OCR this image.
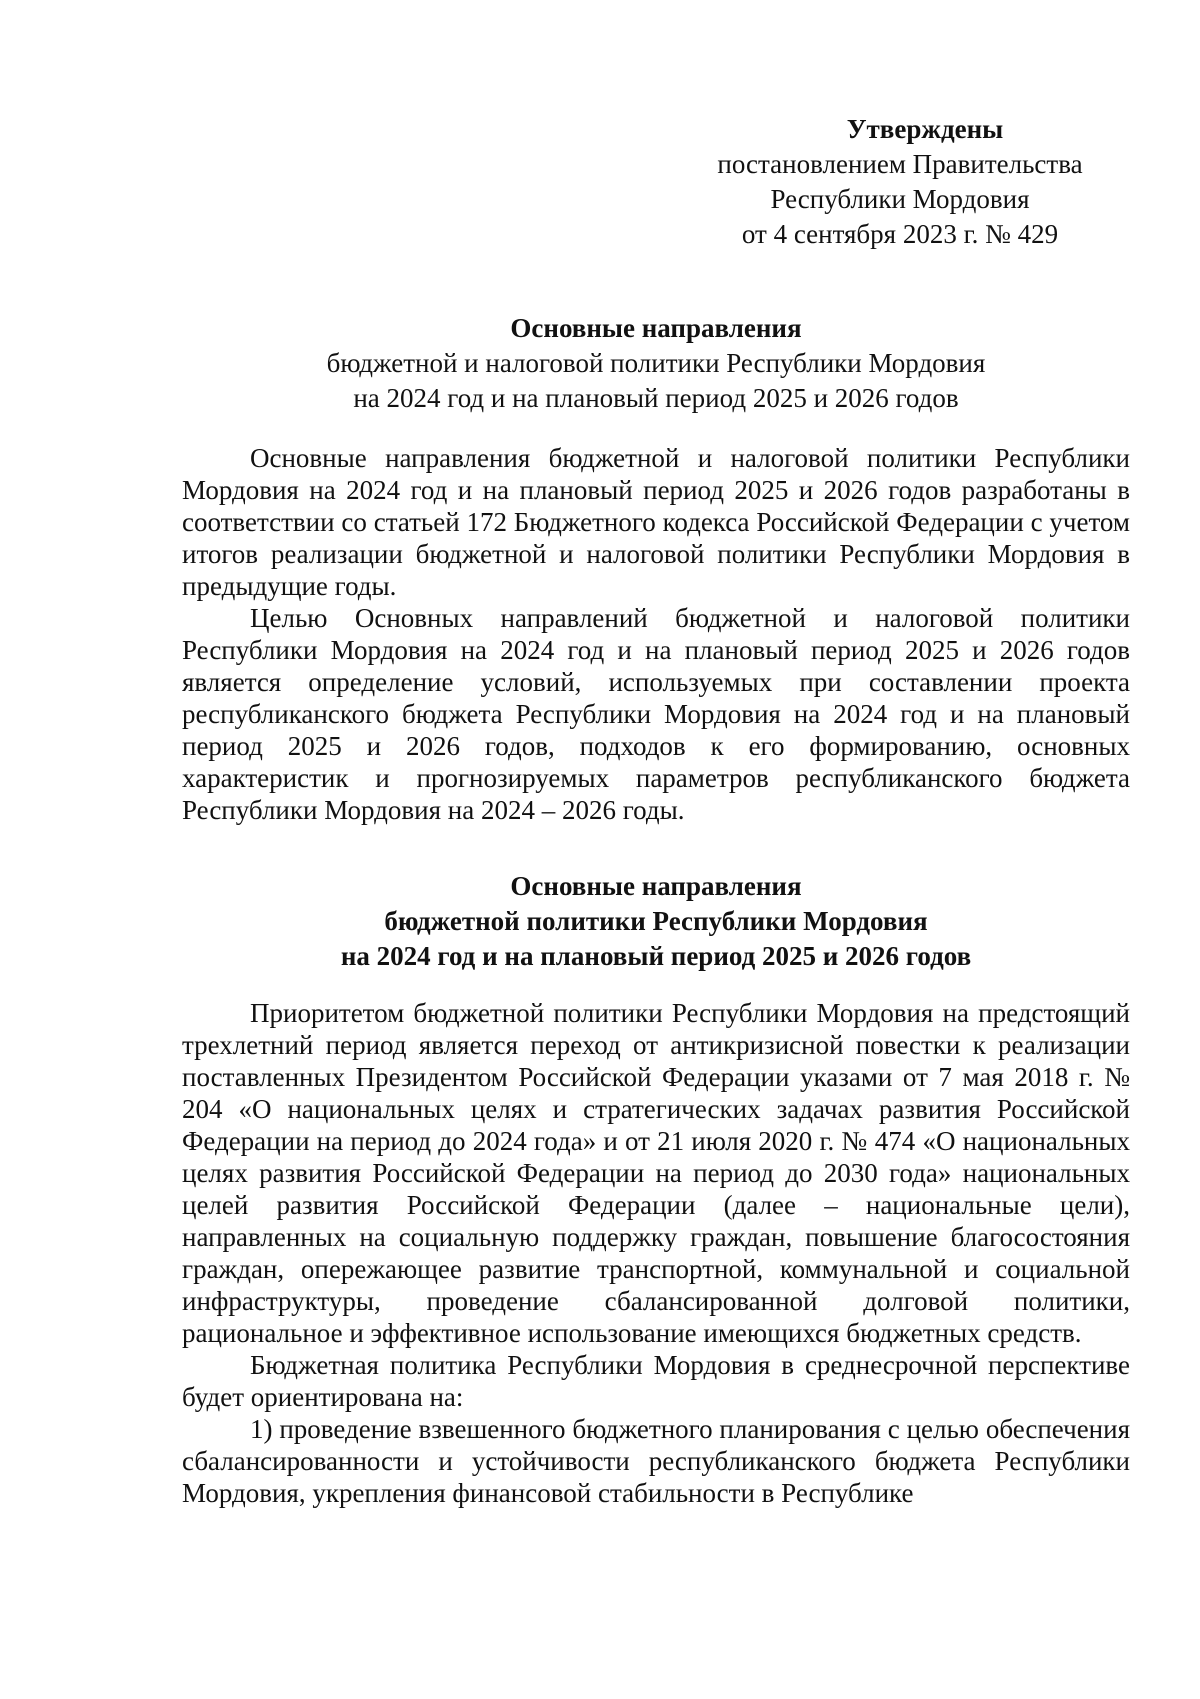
Утверждены
постановлением Правительства
Республики Мордовия
от 4 сентября 2023 г. № 429
Основные направления
бюджетной и налоговой политики Республики Мордовия
на 2024 год и на плановый период 2025 и 2026 годов

Основные направления бюджетной и налоговой политики Республики Мордовия на 2024 год и на плановый период 2025 и 2026 годов разработаны в соответствии со статьей 172 Бюджетного кодекса Российской Федерации с учетом итогов реализации бюджетной и налоговой политики Республики Мордовия в предыдущие годы.

Целью Основных направлений бюджетной и налоговой политики Республики Мордовия на 2024 год и на плановый период 2025 и 2026 годов является определение условий, используемых при составлении проекта республиканского бюджета Республики Мордовия на 2024 год и на плановый период 2025 и 2026 годов, подходов к его формированию, основных характеристик и прогнозируемых параметров республиканского бюджета Республики Мордовия на 2024 – 2026 годы.

Основные направления
бюджетной политики Республики Мордовия
на 2024 год и на плановый период 2025 и 2026 годов

Приоритетом бюджетной политики Республики Мордовия на предстоящий трехлетний период является переход от антикризисной повестки к реализации поставленных Президентом Российской Федерации указами от 7 мая 2018 г. № 204 «О национальных целях и стратегических задачах развития Российской Федерации на период до 2024 года» и от 21 июля 2020 г. № 474 «О национальных целях развития Российской Федерации на период до 2030 года» национальных целей развития Российской Федерации (далее – национальные цели), направленных на социальную поддержку граждан, повышение благосостояния граждан, опережающее развитие транспортной, коммунальной и социальной инфраструктуры, проведение сбалансированной долговой политики, рациональное и эффективное использование имеющихся бюджетных средств.

Бюджетная политика Республики Мордовия в среднесрочной перспективе будет ориентирована на:

1) проведение взвешенного бюджетного планирования с целью обеспечения сбалансированности и устойчивости республиканского бюджета Республики Мордовия, укрепления финансовой стабильности в Республике
